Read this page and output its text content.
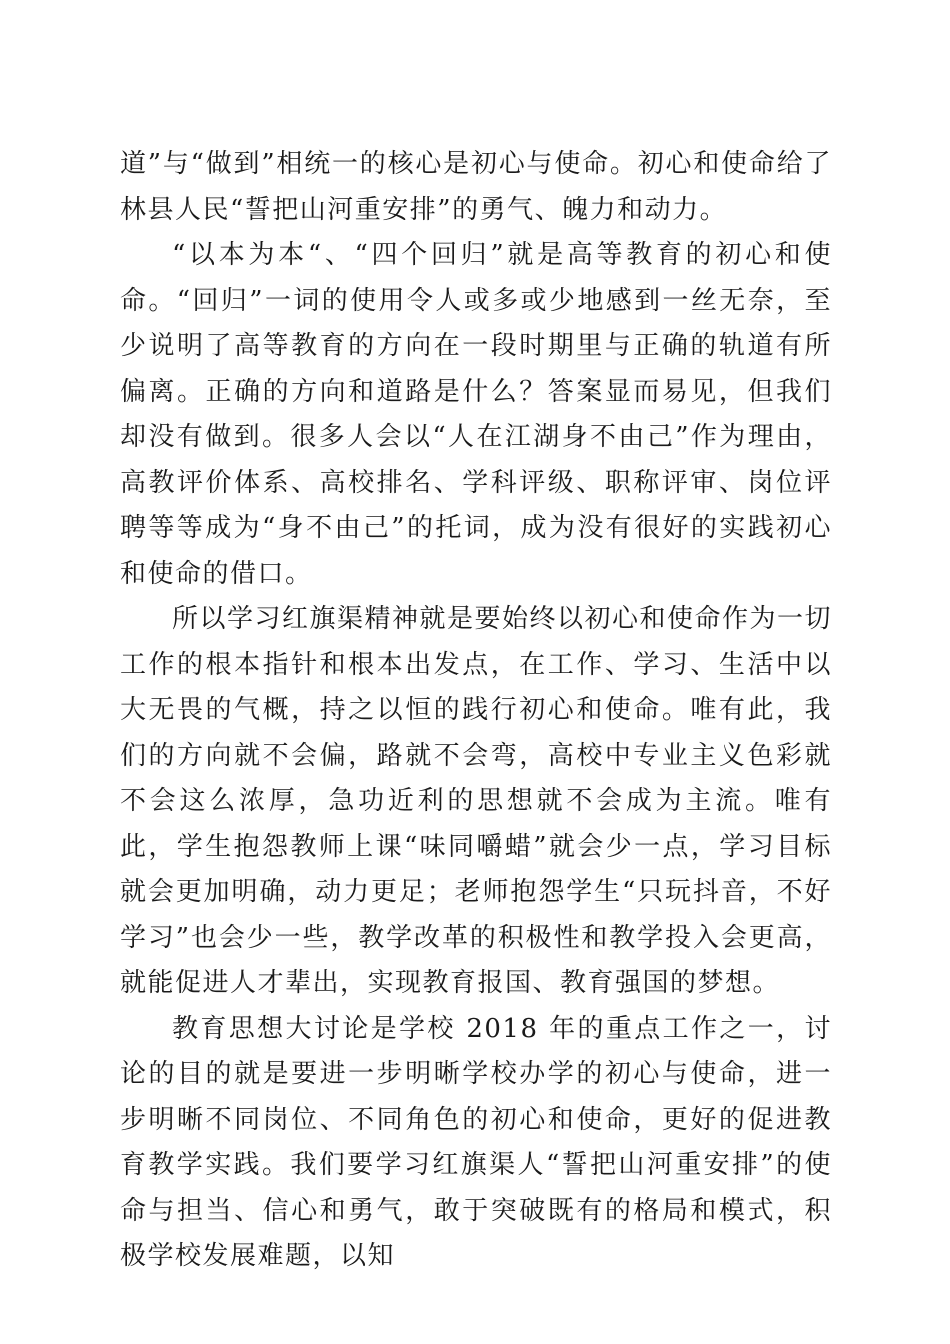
道”与“做到”相统一的核心是初心与使命。初心和使命给了林县人民“誓把山河重安排”的勇气、魄力和动力。

“以本为本“、“四个回归”就是高等教育的初心和使命。“回归”一词的使用令人或多或少地感到一丝无奈，至少说明了高等教育的方向在一段时期里与正确的轨道有所偏离。正确的方向和道路是什么？答案显而易见，但我们却没有做到。很多人会以“人在江湖身不由己”作为理由，高教评价体系、高校排名、学科评级、职称评审、岗位评聘等等成为“身不由己”的托词，成为没有很好的实践初心和使命的借口。

所以学习红旗渠精神就是要始终以初心和使命作为一切工作的根本指针和根本出发点，在工作、学习、生活中以大无畏的气概，持之以恒的践行初心和使命。唯有此，我们的方向就不会偏，路就不会弯，高校中专业主义色彩就不会这么浓厚，急功近利的思想就不会成为主流。唯有此，学生抱怨教师上课“味同嚼蜡”就会少一点，学习目标就会更加明确，动力更足；老师抱怨学生“只玩抖音，不好学习”也会少一些，教学改革的积极性和教学投入会更高，就能促进人才辈出，实现教育报国、教育强国的梦想。

教育思想大讨论是学校 2018 年的重点工作之一，讨论的目的就是要进一步明晰学校办学的初心与使命，进一步明晰不同岗位、不同角色的初心和使命，更好的促进教育教学实践。我们要学习红旗渠人“誓把山河重安排”的使命与担当、信心和勇气，敢于突破既有的格局和模式，积极学校发展难题，以知
